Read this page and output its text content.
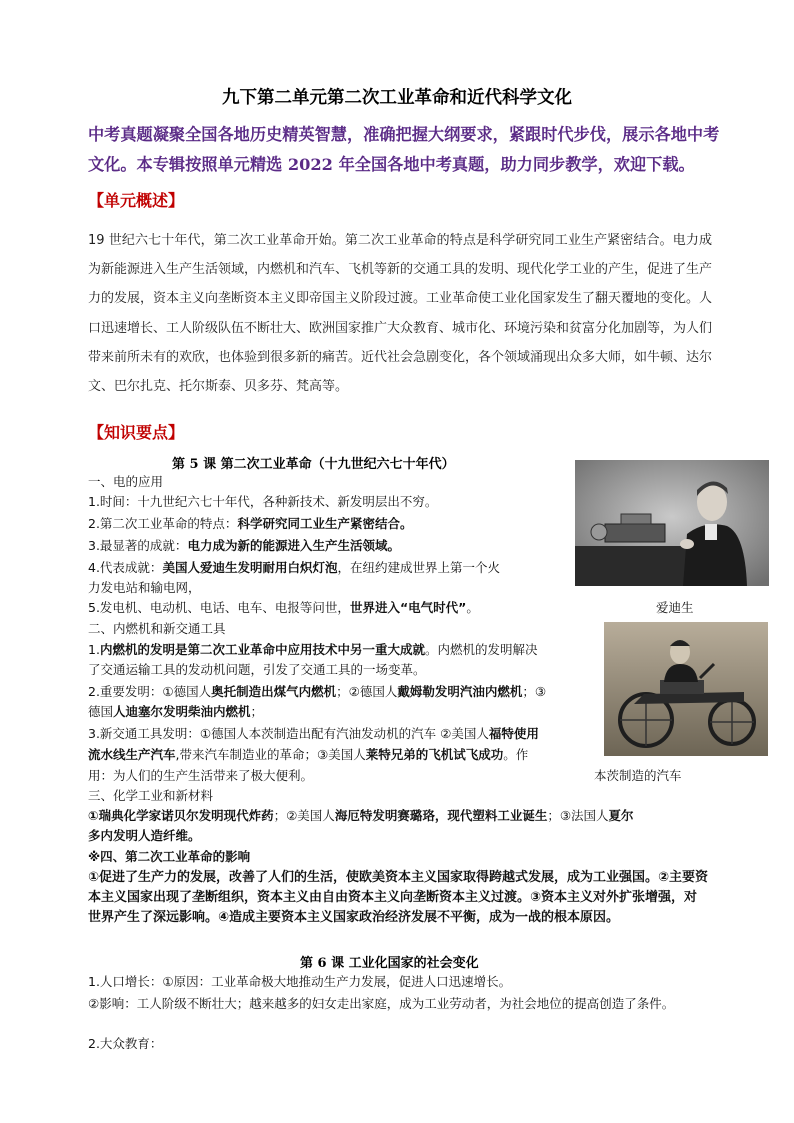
九下第二单元第二次工业革命和近代科学文化
中考真题凝聚全国各地历史精英智慧，准确把握大纲要求，紧跟时代步伐，展示各地中考文化。本专辑按照单元精选 2022 年全国各地中考真题，助力同步教学，欢迎下载。
【单元概述】
19 世纪六七十年代，第二次工业革命开始。第二次工业革命的特点是科学研究同工业生产紧密结合。电力成为新能源进入生产生活领域，内燃机和汽车、飞机等新的交通工具的发明、现代化学工业的产生，促进了生产力的发展，资本主义向垄断资本主义即帝国主义阶段过渡。工业革命使工业化国家发生了翻天覆地的变化。人口迅速增长、工人阶级队伍不断壮大、欧洲国家推广大众教育、城市化、环境污染和贫富分化加剧等，为人们带来前所未有的欢欣，也体验到很多新的痛苦。近代社会急剧变化，各个领域涌现出众多大师，如牛顿、达尔文、巴尔扎克、托尔斯泰、贝多芬、梵高等。
【知识要点】
第 5 课 第二次工业革命（十九世纪六七十年代）
一、电的应用
1.时间：十九世纪六七十年代，各种新技术、新发明层出不穷。
2.第二次工业革命的特点：科学研究同工业生产紧密结合。
3.最显著的成就：电力成为新的能源进入生产生活领域。
4.代表成就：美国人爱迪生发明耐用白炽灯泡，在纽约建成世界上第一个火
力发电站和输电网，
5.发电机、电动机、电话、电车、电报等问世，世界进入“电气时代”。	爱迪生
二、内燃机和新交通工具
1.内燃机的发明是第二次工业革命中应用技术中另一重大成就。内燃机的发明解决
了交通运输工具的发动机问题，引发了交通工具的一场变革。
2.重要发明：①德国人奥托制造出煤气内燃机；②德国人戴姆勒发明汽油内燃机；③
德国人迪塞尔发明柴油内燃机；
3.新交通工具发明：①德国人本茨制造出配有汽油发动机的汽车 ②美国人福特使用
流水线生产汽车,带来汽车制造业的革命；③美国人莱特兄弟的飞机试飞成功。作
用：为人们的生产生活带来了极大便利。	本茨制造的汽车
三、化学工业和新材料
①瑞典化学家诺贝尔发明现代炸药；②美国人海厄特发明赛璐珞，现代塑料工业诞生；③法国人夏尔
多内发明人造纤维。
※四、第二次工业革命的影响
①促进了生产力的发展，改善了人们的生活，使欧美资本主义国家取得跨越式发展，成为工业强国。②主要资本主义国家出现了垄断组织，资本主义由自由资本主义向垄断资本主义过渡。③资本主义对外扩张增强，对世界产生了深远影响。④造成主要资本主义国家政治经济发展不平衡，成为一战的根本原因。
第 6 课 工业化国家的社会变化
1.人口增长：①原因：工业革命极大地推动生产力发展，促进人口迅速增长。
②影响：工人阶级不断壮大；越来越多的妇女走出家庭，成为工业劳动者，为社会地位的提高创造了条件。
2.大众教育：
